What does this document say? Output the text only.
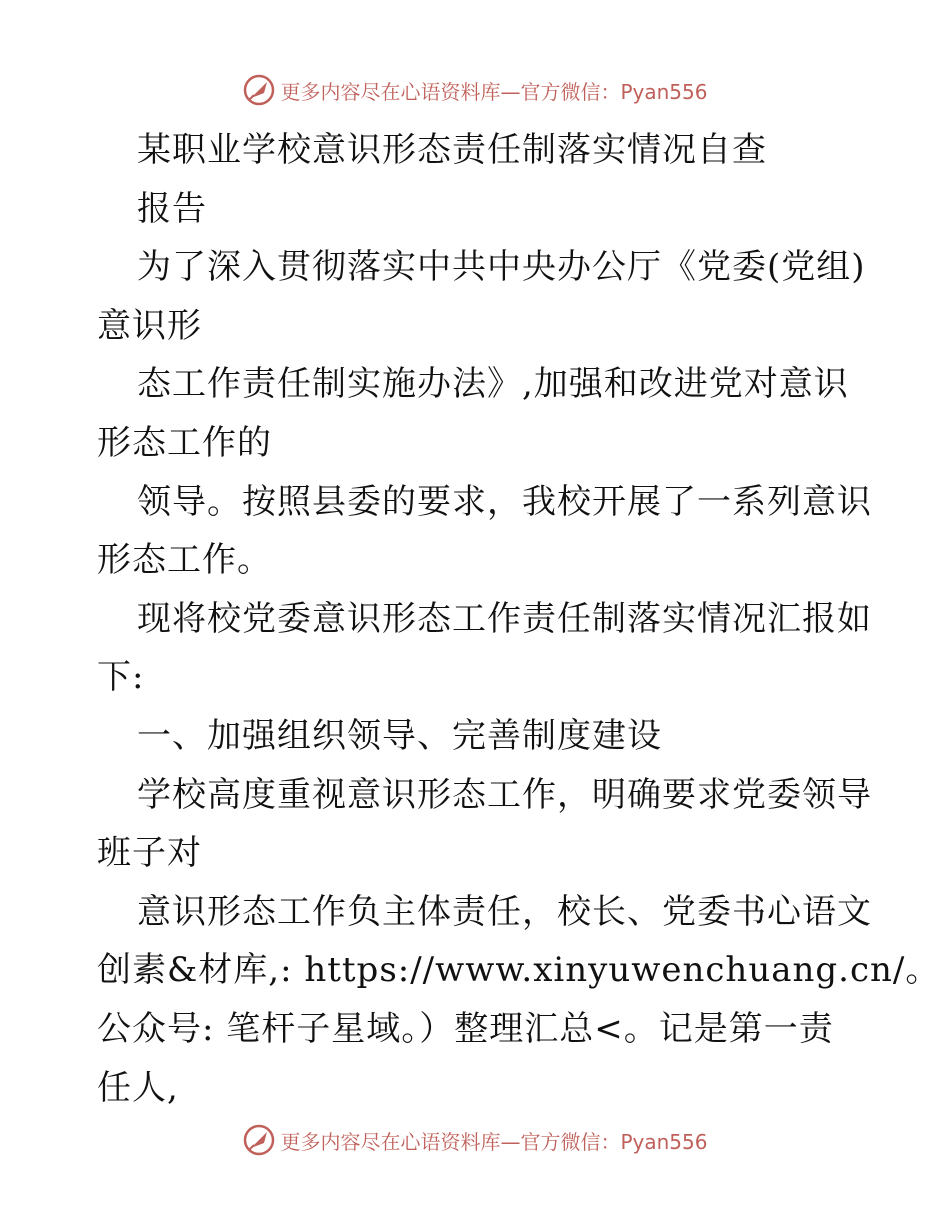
更多内容尽在心语资料库—官方微信：Pyan556
某职业学校意识形态责任制落实情况自查
报告
为了深入贯彻落实中共中央办公厅《党委(党组)
意识形
态工作责任制实施办法》,加强和改进党对意识
形态工作的
领导。按照县委的要求，我校开展了一系列意识
形态工作。
现将校党委意识形态工作责任制落实情况汇报如
下:
一、加强组织领导、完善制度建设
学校高度重视意识形态工作，明确要求党委领导
班子对
意识形态工作负主体责任，校长、党委书心语文
创素&材库,: https://www.xinyuwenchuang.cn/。
公众号: 笔杆子星域。）整理汇总<。记是第一责
任人,
更多内容尽在心语资料库—官方微信：Pyan556
